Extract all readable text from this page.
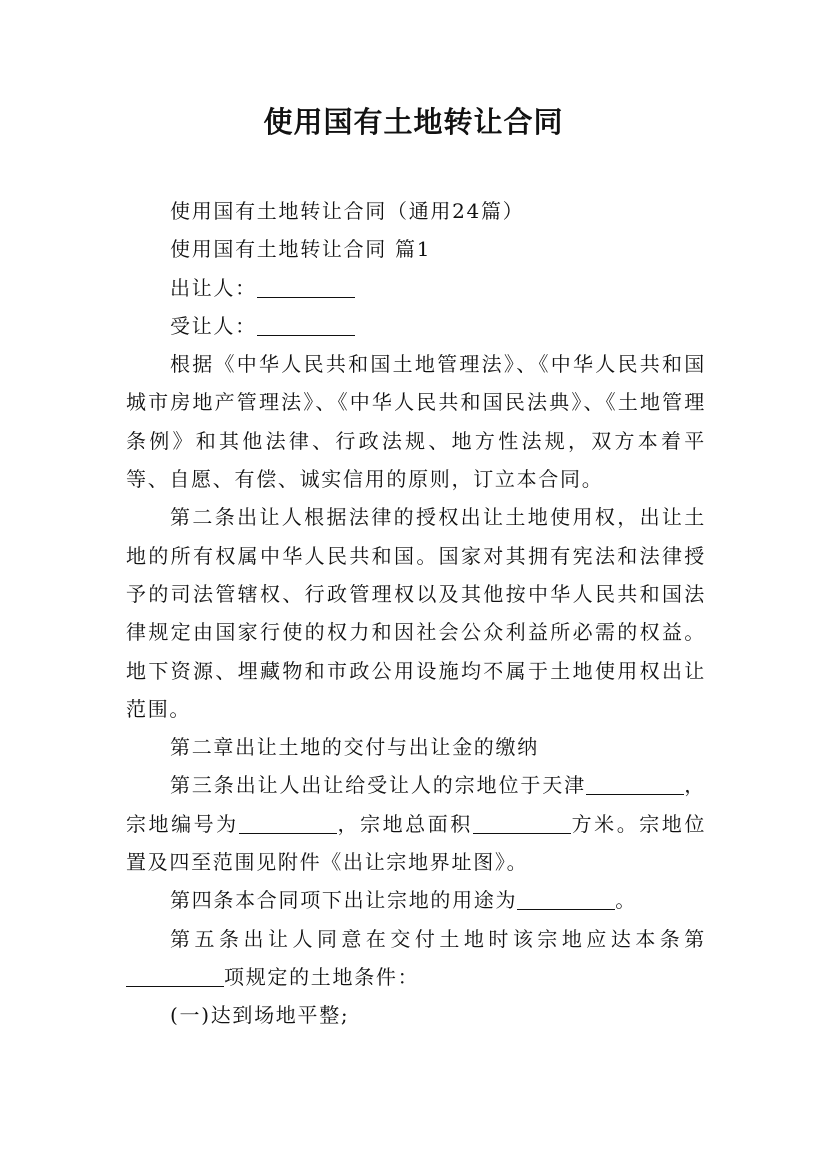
使用国有土地转让合同

使用国有土地转让合同（通用24篇）

使用国有土地转让合同 篇1

出让人：

受让人：

根据《中华人民共和国土地管理法》、《中华人民共和国城市房地产管理法》、《中华人民共和国民法典》、《土地管理条例》和其他法律、行政法规、地方性法规，双方本着平等、自愿、有偿、诚实信用的原则，订立本合同。

第二条出让人根据法律的授权出让土地使用权，出让土地的所有权属中华人民共和国。国家对其拥有宪法和法律授予的司法管辖权、行政管理权以及其他按中华人民共和国法律规定由国家行使的权力和因社会公众利益所必需的权益。地下资源、埋藏物和市政公用设施均不属于土地使用权出让范围。

第二章出让土地的交付与出让金的缴纳

第三条出让人出让给受让人的宗地位于天津	，宗地编号为	，宗地总面积	方米。宗地位置及四至范围见附件《出让宗地界址图》。

第四条本合同项下出让宗地的用途为	。

第五条出让人同意在交付土地时该宗地应达本条第项规定的土地条件：

(一)达到场地平整;
